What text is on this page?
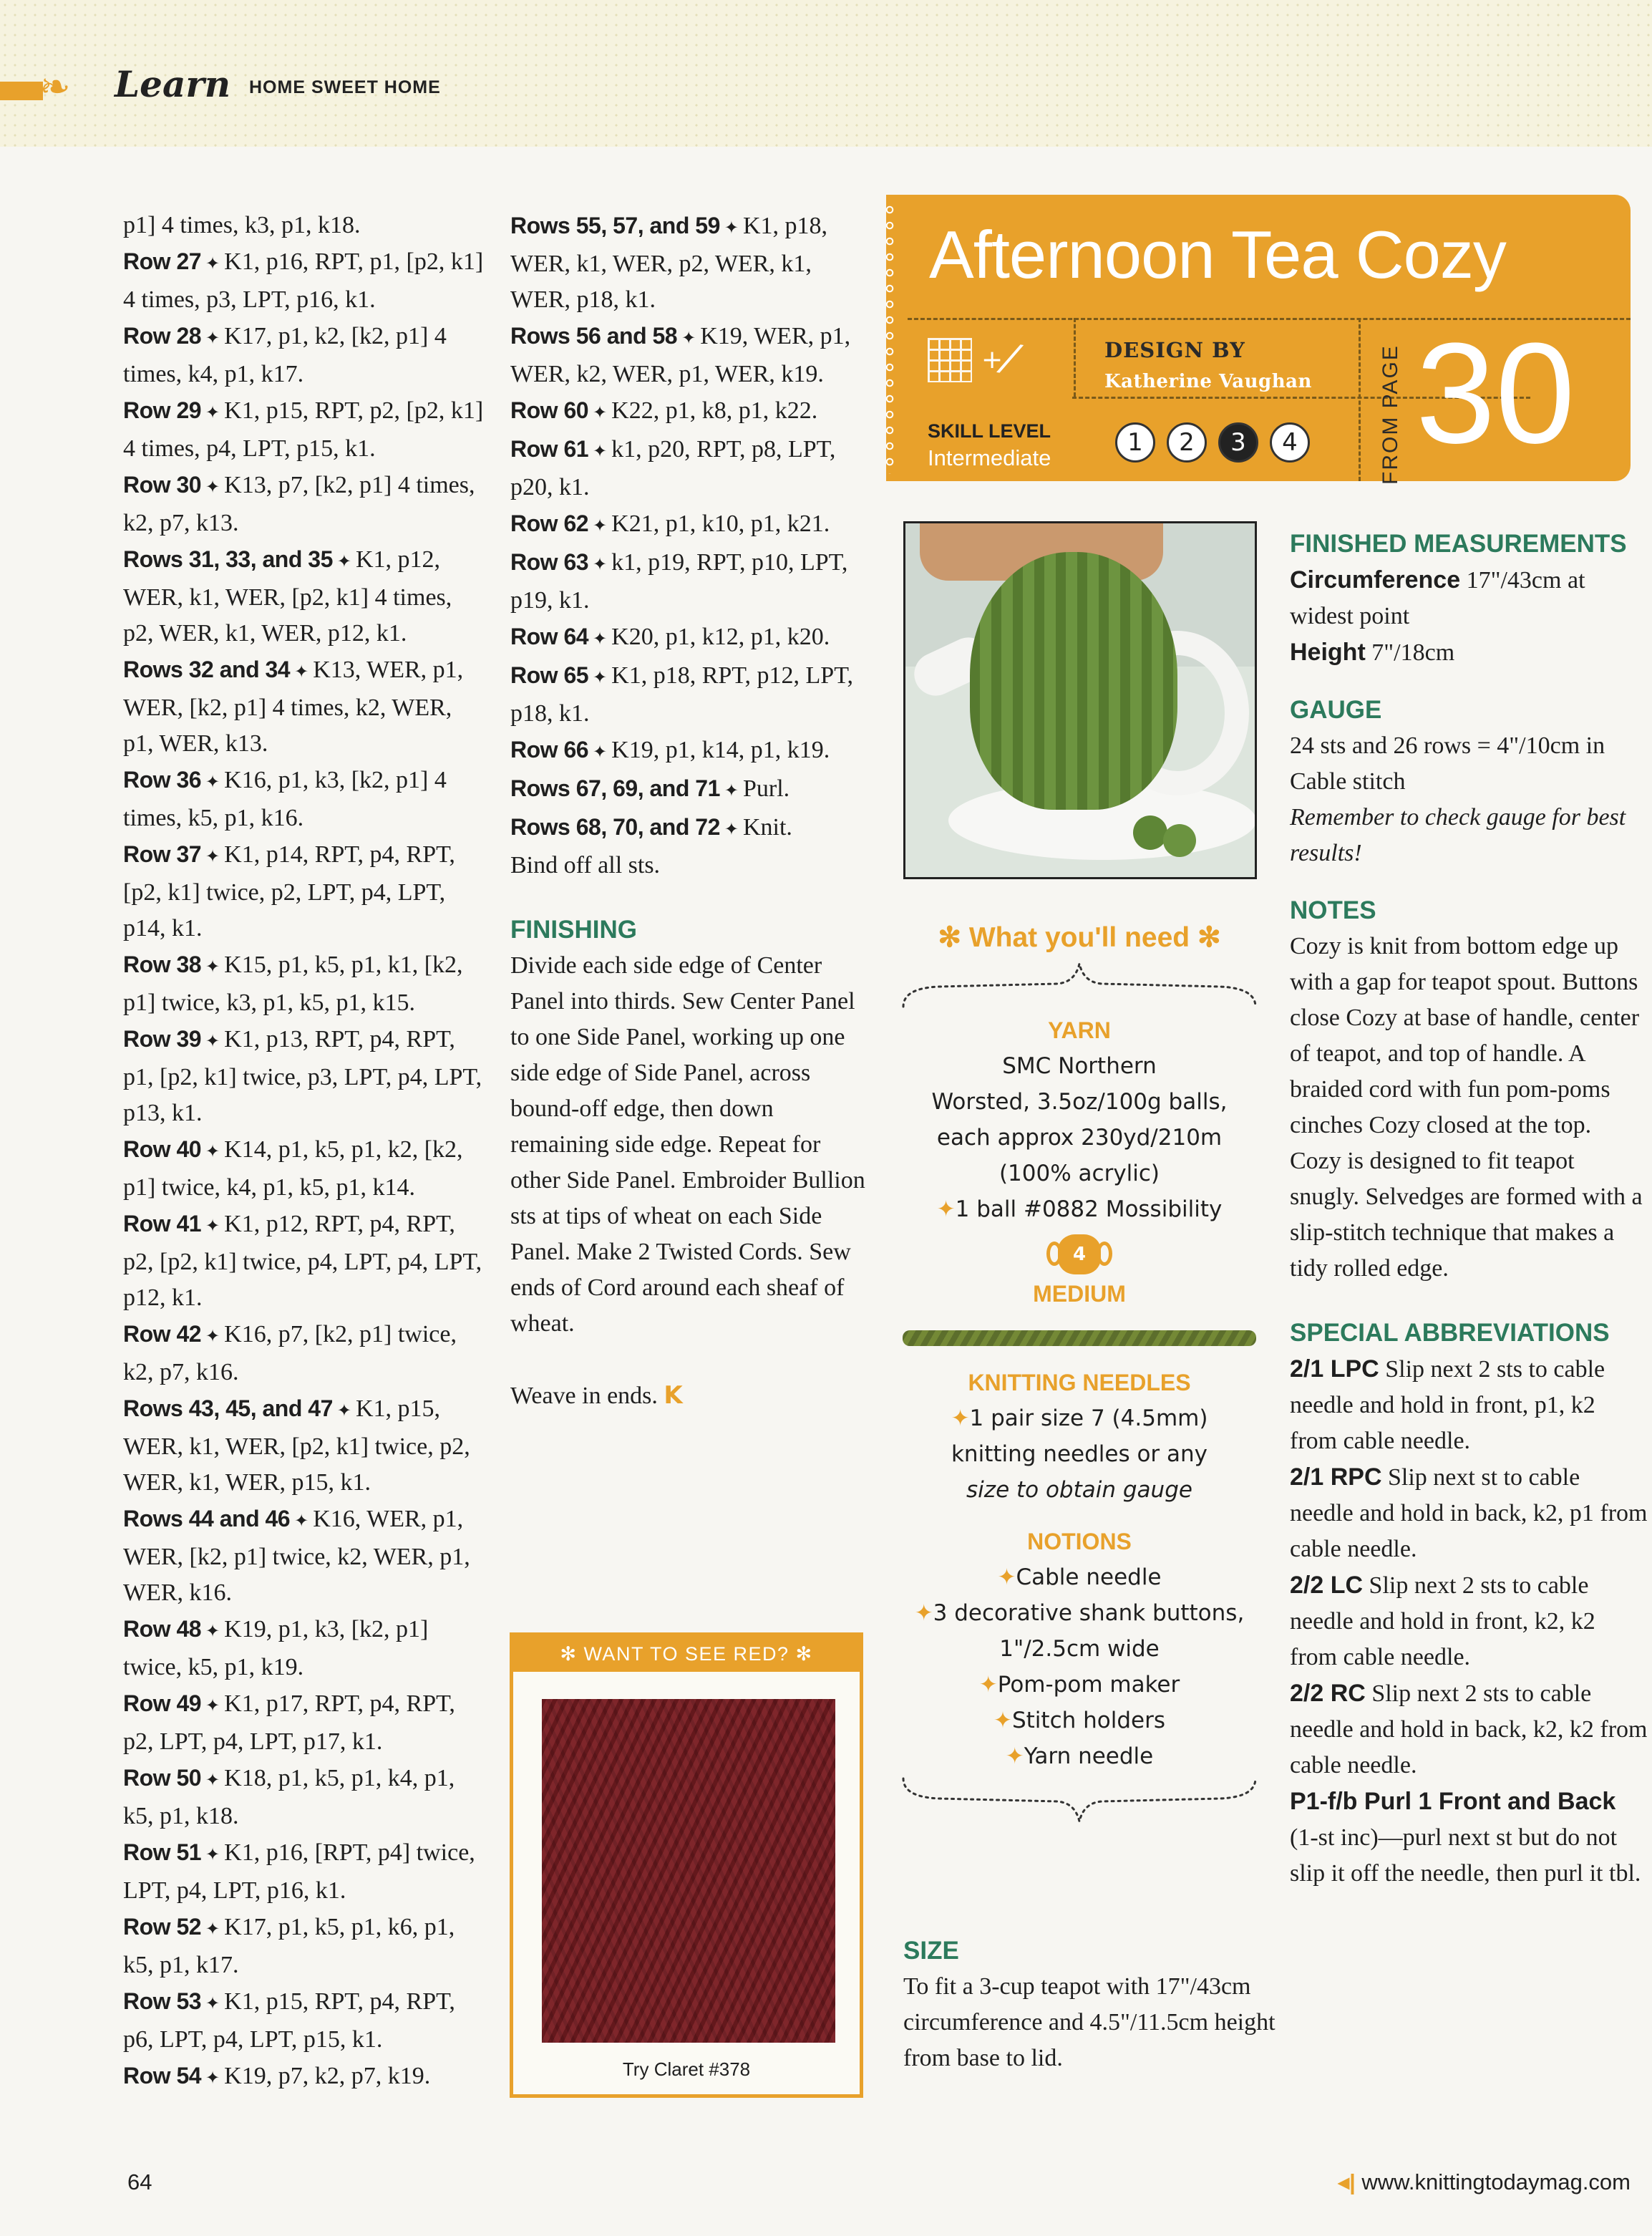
❧ Learn HOME SWEET HOME

p1] 4 times, k3, p1, k18.

Row 27 ✦ K1, p16, RPT, p1, [p2, k1] 4 times, p3, LPT, p16, k1.

Row 28 ✦ K17, p1, k2, [k2, p1] 4 times, k4, p1, k17.

Row 29 ✦ K1, p15, RPT, p2, [p2, k1] 4 times, p4, LPT, p15, k1.

Row 30 ✦ K13, p7, [k2, p1] 4 times, k2, p7, k13.

Rows 31, 33, and 35 ✦ K1, p12, WER, k1, WER, [p2, k1] 4 times, p2, WER, k1, WER, p12, k1.

Rows 32 and 34 ✦ K13, WER, p1, WER, [k2, p1] 4 times, k2, WER, p1, WER, k13.

Row 36 ✦ K16, p1, k3, [k2, p1] 4 times, k5, p1, k16.

Row 37 ✦ K1, p14, RPT, p4, RPT, [p2, k1] twice, p2, LPT, p4, LPT, p14, k1.

Row 38 ✦ K15, p1, k5, p1, k1, [k2, p1] twice, k3, p1, k5, p1, k15.

Row 39 ✦ K1, p13, RPT, p4, RPT, p1, [p2, k1] twice, p3, LPT, p4, LPT, p13, k1.

Row 40 ✦ K14, p1, k5, p1, k2, [k2, p1] twice, k4, p1, k5, p1, k14.

Row 41 ✦ K1, p12, RPT, p4, RPT, p2, [p2, k1] twice, p4, LPT, p4, LPT, p12, k1.

Row 42 ✦ K16, p7, [k2, p1] twice, k2, p7, k16.

Rows 43, 45, and 47 ✦ K1, p15, WER, k1, WER, [p2, k1] twice, p2, WER, k1, WER, p15, k1.

Rows 44 and 46 ✦ K16, WER, p1, WER, [k2, p1] twice, k2, WER, p1, WER, k16.

Row 48 ✦ K19, p1, k3, [k2, p1] twice, k5, p1, k19.

Row 49 ✦ K1, p17, RPT, p4, RPT, p2, LPT, p4, LPT, p17, k1.

Row 50 ✦ K18, p1, k5, p1, k4, p1, k5, p1, k18.

Row 51 ✦ K1, p16, [RPT, p4] twice, LPT, p4, LPT, p16, k1.

Row 52 ✦ K17, p1, k5, p1, k6, p1, k5, p1, k17.

Row 53 ✦ K1, p15, RPT, p4, RPT, p6, LPT, p4, LPT, p15, k1.

Row 54 ✦ K19, p7, k2, p7, k19.

Rows 55, 57, and 59 ✦ K1, p18, WER, k1, WER, p2, WER, k1, WER, p18, k1.

Rows 56 and 58 ✦ K19, WER, p1, WER, k2, WER, p1, WER, k19.

Row 60 ✦ K22, p1, k8, p1, k22.

Row 61 ✦ k1, p20, RPT, p8, LPT, p20, k1.

Row 62 ✦ K21, p1, k10, p1, k21.

Row 63 ✦ k1, p19, RPT, p10, LPT, p19, k1.

Row 64 ✦ K20, p1, k12, p1, k20.

Row 65 ✦ K1, p18, RPT, p12, LPT, p18, k1.

Row 66 ✦ K19, p1, k14, p1, k19.

Rows 67, 69, and 71 ✦ Purl.

Rows 68, 70, and 72 ✦ Knit.

Bind off all sts.

FINISHING

Divide each side edge of Center Panel into thirds. Sew Center Panel to one Side Panel, working up one side edge of Side Panel, across bound-off edge, then down remaining side edge. Repeat for other Side Panel. Embroider Bullion sts at tips of wheat on each Side Panel. Make 2 Twisted Cords. Sew ends of Cord around each sheaf of wheat.

Weave in ends. K

✻ WANT TO SEE RED? ✻
Try Claret #378
Afternoon Tea Cozy
+
⁄	DESIGN BY
Katherine Vaughan
SKILL LEVEL
Intermediate
1 2 3 4	FROM PAGE 30
✻ What you'll need ✻
YARN
SMC Northern
Worsted, 3.5oz/100g balls,
each approx 230yd/210m
(100% acrylic)
✦1 ball #0882 Mossibility
4
MEDIUM
KNITTING NEEDLES
✦1 pair size 7 (4.5mm)
knitting needles or any
size to obtain gauge
NOTIONS
✦Cable needle
✦3 decorative shank buttons,
1"/2.5cm wide
✦Pom-pom maker
✦Stitch holders
✦Yarn needle
SIZE
To fit a 3-cup teapot with 17"/43cm circumference and 4.5"/11.5cm height from base to lid.
FINISHED MEASUREMENTS

Circumference 17"/43cm at widest point

Height 7"/18cm

GAUGE

24 sts and 26 rows = 4"/10cm in Cable stitch

Remember to check gauge for best results!

NOTES

Cozy is knit from bottom edge up with a gap for teapot spout. Buttons close Cozy at base of handle, center of teapot, and top of handle. A braided cord with fun pom-poms cinches Cozy closed at the top. Cozy is designed to fit teapot snugly. Selvedges are formed with a slip-stitch technique that makes a tidy rolled edge.

SPECIAL ABBREVIATIONS

2/1 LPC Slip next 2 sts to cable needle and hold in front, p1, k2 from cable needle.

2/1 RPC Slip next st to cable needle and hold in back, k2, p1 from cable needle.

2/2 LC Slip next 2 sts to cable needle and hold in front, k2, k2 from cable needle.

2/2 RC Slip next 2 sts to cable needle and hold in back, k2, k2 from cable needle.

P1-f/b Purl 1 Front and Back (1-st inc)—purl next st but do not slip it off the needle, then purl it tbl.

64	◂| www.knittingtodaymag.com
